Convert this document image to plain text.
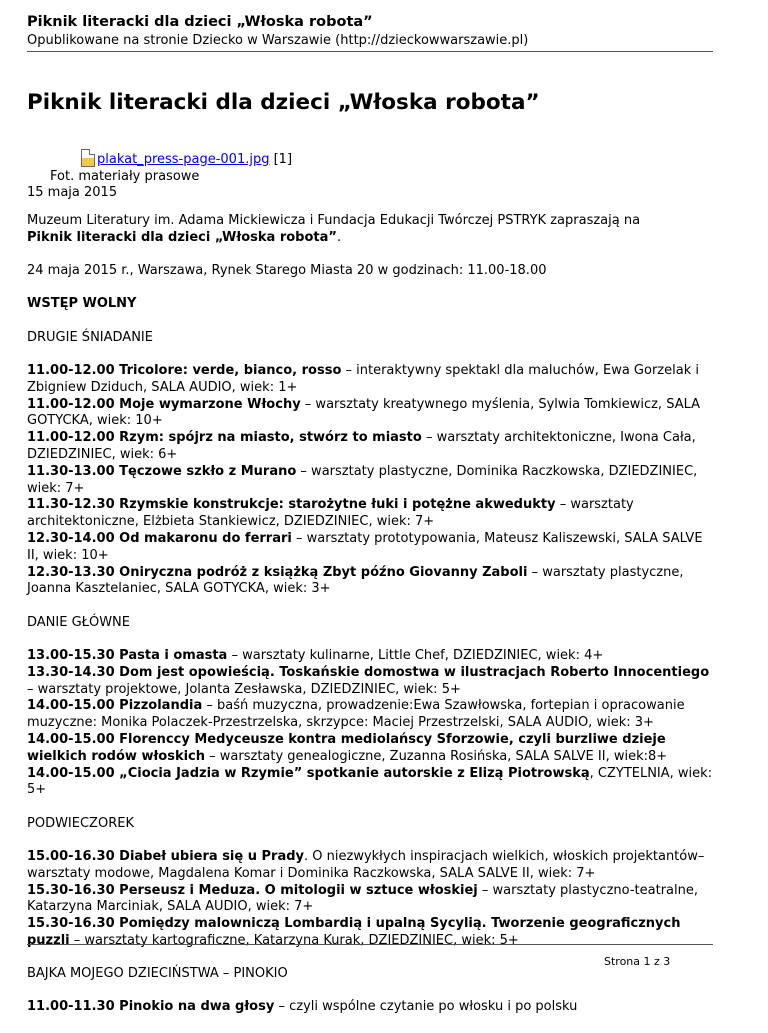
Piknik literacki dla dzieci „Włoska robota”
Opublikowane na stronie Dziecko w Warszawie (http://dzieckowwarszawie.pl)
Piknik literacki dla dzieci „Włoska robota”
plakat_press-page-001.jpg
[1]
Fot. materiały prasowe
15 maja 2015

Muzeum Literatury im. Adama Mickiewicza i Fundacja Edukacji Twórczej PSTRYK zapraszają na
Piknik literacki dla dzieci „Włoska robota”.

24 maja 2015 r., Warszawa, Rynek Starego Miasta 20 w godzinach: 11.00-18.00

WSTĘP WOLNY

DRUGIE ŚNIADANIE

11.00-12.00 Tricolore: verde, bianco, rosso – interaktywny spektakl dla maluchów, Ewa Gorzelak i Zbigniew Dziduch, SALA AUDIO, wiek: 1+
11.00-12.00 Moje wymarzone Włochy – warsztaty kreatywnego myślenia, Sylwia Tomkiewicz, SALA GOTYCKA, wiek: 10+
11.00-12.00 Rzym: spójrz na miasto, stwórz to miasto – warsztaty architektoniczne, Iwona Cała, DZIEDZINIEC, wiek: 6+
11.30-13.00 Tęczowe szkło z Murano – warsztaty plastyczne, Dominika Raczkowska, DZIEDZINIEC, wiek: 7+
11.30-12.30 Rzymskie konstrukcje: starożytne łuki i potężne akwedukty – warsztaty architektoniczne, Elżbieta Stankiewicz, DZIEDZINIEC, wiek: 7+
12.30-14.00 Od makaronu do ferrari – warsztaty prototypowania, Mateusz Kaliszewski, SALA SALVE II, wiek: 10+
12.30-13.30 Oniryczna podróż z książką Zbyt późno Giovanny Zaboli – warsztaty plastyczne, Joanna Kasztelaniec, SALA GOTYCKA, wiek: 3+

DANIE GŁÓWNE

13.00-15.30 Pasta i omasta – warsztaty kulinarne, Little Chef, DZIEDZINIEC, wiek: 4+
13.30-14.30 Dom jest opowieścią. Toskańskie domostwa w ilustracjach Roberto Innocentiego – warsztaty projektowe, Jolanta Zesławska, DZIEDZINIEC, wiek: 5+
14.00-15.00 Pizzolandia – baśń muzyczna, prowadzenie:Ewa Szawłowska, fortepian i opracowanie muzyczne: Monika Polaczek-Przestrzelska, skrzypce: Maciej Przestrzelski, SALA AUDIO, wiek: 3+
14.00-15.00 Florenccy Medyceusze kontra mediolańscy Sforzowie, czyli burzliwe dzieje wielkich rodów włoskich – warsztaty genealogiczne, Zuzanna Rosińska, SALA SALVE II, wiek:8+
14.00-15.00 „Ciocia Jadzia w Rzymie” spotkanie autorskie z Elizą Piotrowską, CZYTELNIA, wiek: 5+

PODWIECZOREK

15.00-16.30 Diabeł ubiera się u Prady. O niezwykłych inspiracjach wielkich, włoskich projektantów– warsztaty modowe, Magdalena Komar i Dominika Raczkowska, SALA SALVE II, wiek: 7+
15.30-16.30 Perseusz i Meduza. O mitologii w sztuce włoskiej – warsztaty plastyczno-teatralne, Katarzyna Marciniak, SALA AUDIO, wiek: 7+
15.30-16.30 Pomiędzy malowniczą Lombardią i upalną Sycylią. Tworzenie geograficznych puzzli – warsztaty kartograficzne, Katarzyna Kurak, DZIEDZINIEC, wiek: 5+

BAJKA MOJEGO DZIECIŃSTWA – PINOKIO

11.00-11.30 Pinokio na dwa głosy – czyli wspólne czytanie po włosku i po polsku

Strona 1 z 3
